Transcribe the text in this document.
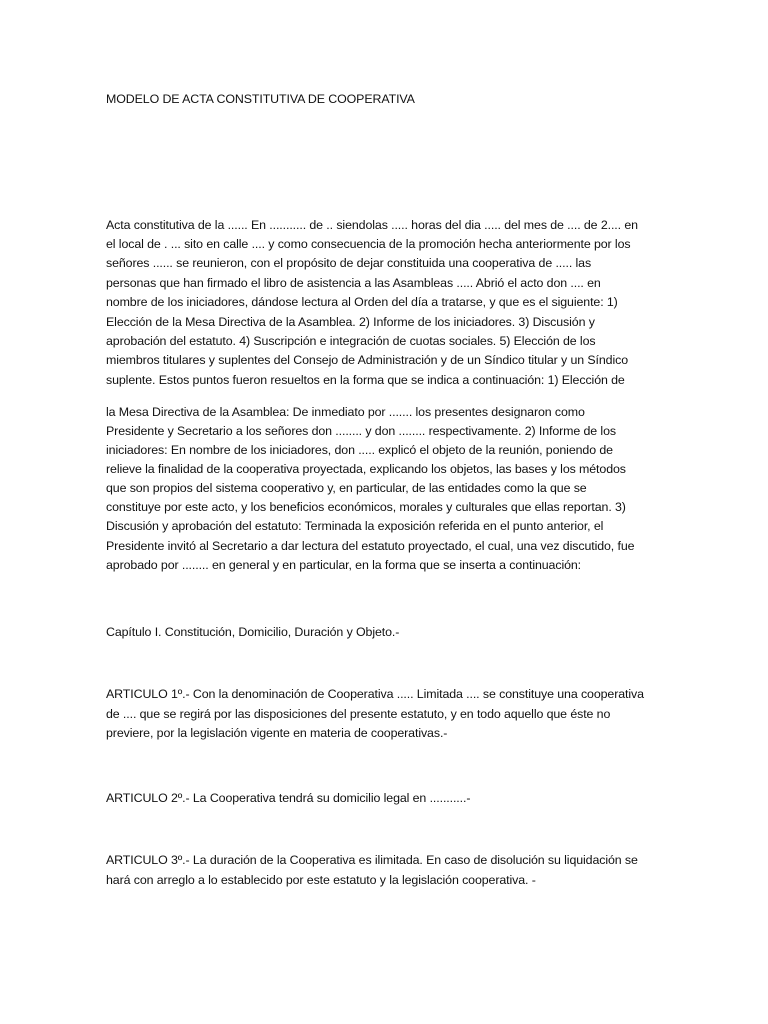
MODELO DE ACTA CONSTITUTIVA DE COOPERATIVA
Acta constitutiva de la ...... En ........... de .. siendolas ..... horas del dia ..... del mes de .... de 2.... en
el local de . ... sito en calle .... y como consecuencia de la promoción hecha anteriormente por los
señores ...... se reunieron, con el propósito de dejar constituida una cooperativa de ..... las
personas que han firmado el libro de asistencia a las Asambleas ..... Abrió el acto don .... en
nombre de los iniciadores, dándose lectura al Orden del día a tratarse, y que es el siguiente: 1)
Elección de la Mesa Directiva de la Asamblea. 2) Informe de los iniciadores. 3) Discusión y
aprobación del estatuto. 4) Suscripción e integración de cuotas sociales. 5) Elección de los
miembros titulares y suplentes del Consejo de Administración y de un Síndico titular y un Síndico
suplente. Estos puntos fueron resueltos en la forma que se indica a continuación: 1) Elección de
la Mesa Directiva de la Asamblea: De inmediato por ....... los presentes designaron como
Presidente y Secretario a los señores don ........ y don ........ respectivamente. 2) Informe de los
iniciadores: En nombre de los iniciadores, don ..... explicó el objeto de la reunión, poniendo de
relieve la finalidad de la cooperativa proyectada, explicando los objetos, las bases y los métodos
que son propios del sistema cooperativo y, en particular, de las entidades como la que se
constituye por este acto, y los beneficios económicos, morales y culturales que ellas reportan. 3)
Discusión y aprobación del estatuto: Terminada la exposición referida en el punto anterior, el
Presidente invitó al Secretario a dar lectura del estatuto proyectado, el cual, una vez discutido, fue
aprobado por ........ en general y en particular, en la forma que se inserta a continuación:
Capítulo I. Constitución, Domicilio, Duración y Objeto.-
ARTICULO 1º.- Con la denominación de Cooperativa ..... Limitada .... se constituye una cooperativa
de .... que se regirá por las disposiciones del presente estatuto, y en todo aquello que éste no
previere, por la legislación vigente en materia de cooperativas.-
ARTICULO 2º.- La Cooperativa tendrá su domicilio legal en ...........-
ARTICULO 3º.- La duración de la Cooperativa es ilimitada. En caso de disolución su liquidación se
hará con arreglo a lo establecido por este estatuto y la legislación cooperativa. -
